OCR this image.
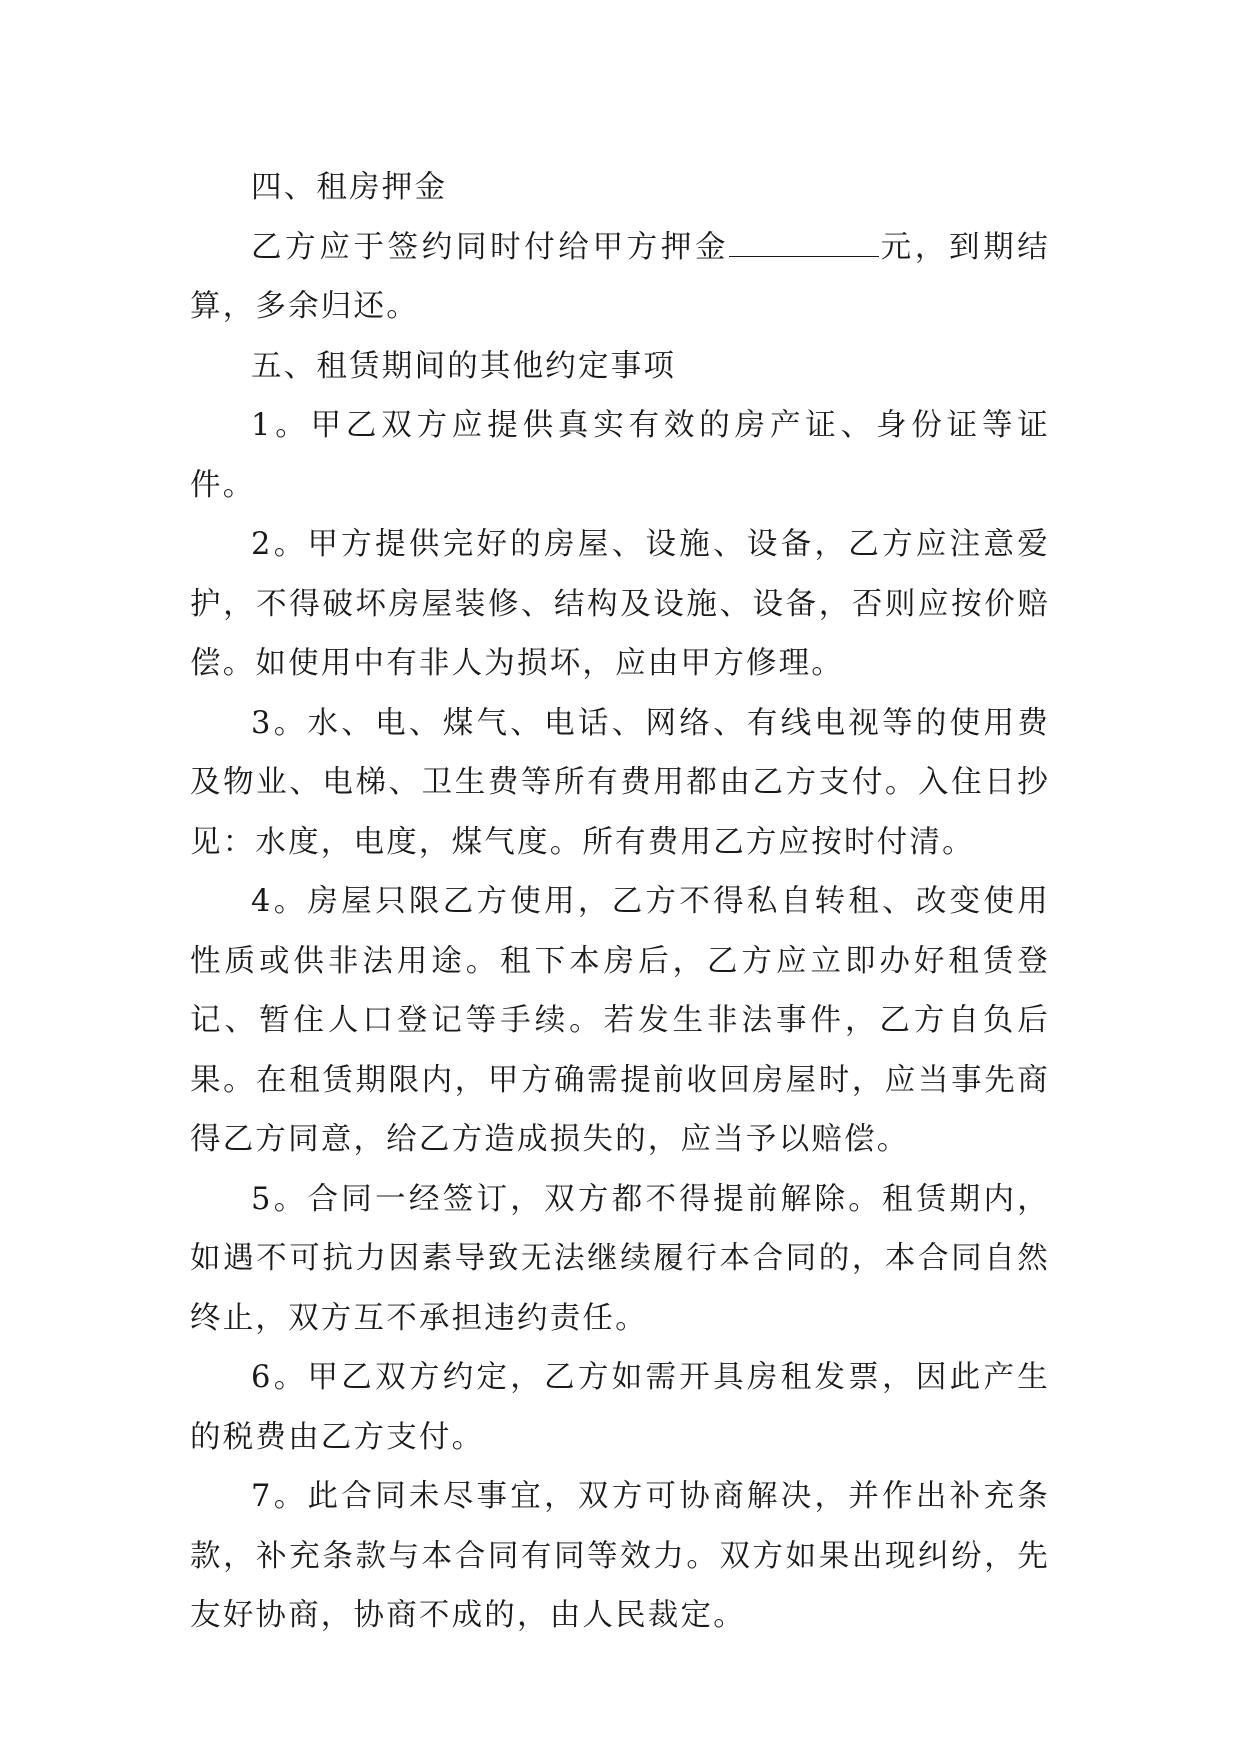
四、租房押金

乙方应于签约同时付给甲方押金	元，到期结算，多余归还。

五、租赁期间的其他约定事项

1。甲乙双方应提供真实有效的房产证、身份证等证件。

2。甲方提供完好的房屋、设施、设备，乙方应注意爱护，不得破坏房屋装修、结构及设施、设备，否则应按价赔偿。如使用中有非人为损坏，应由甲方修理。

3。水、电、煤气、电话、网络、有线电视等的使用费及物业、电梯、卫生费等所有费用都由乙方支付。入住日抄见：水度，电度，煤气度。所有费用乙方应按时付清。

4。房屋只限乙方使用，乙方不得私自转租、改变使用性质或供非法用途。租下本房后，乙方应立即办好租赁登记、暂住人口登记等手续。若发生非法事件，乙方自负后果。在租赁期限内，甲方确需提前收回房屋时，应当事先商得乙方同意，给乙方造成损失的，应当予以赔偿。

5。合同一经签订，双方都不得提前解除。租赁期内，如遇不可抗力因素导致无法继续履行本合同的，本合同自然终止，双方互不承担违约责任。

6。甲乙双方约定，乙方如需开具房租发票，因此产生的税费由乙方支付。

7。此合同未尽事宜，双方可协商解决，并作出补充条款，补充条款与本合同有同等效力。双方如果出现纠纷，先友好协商，协商不成的，由人民裁定。
